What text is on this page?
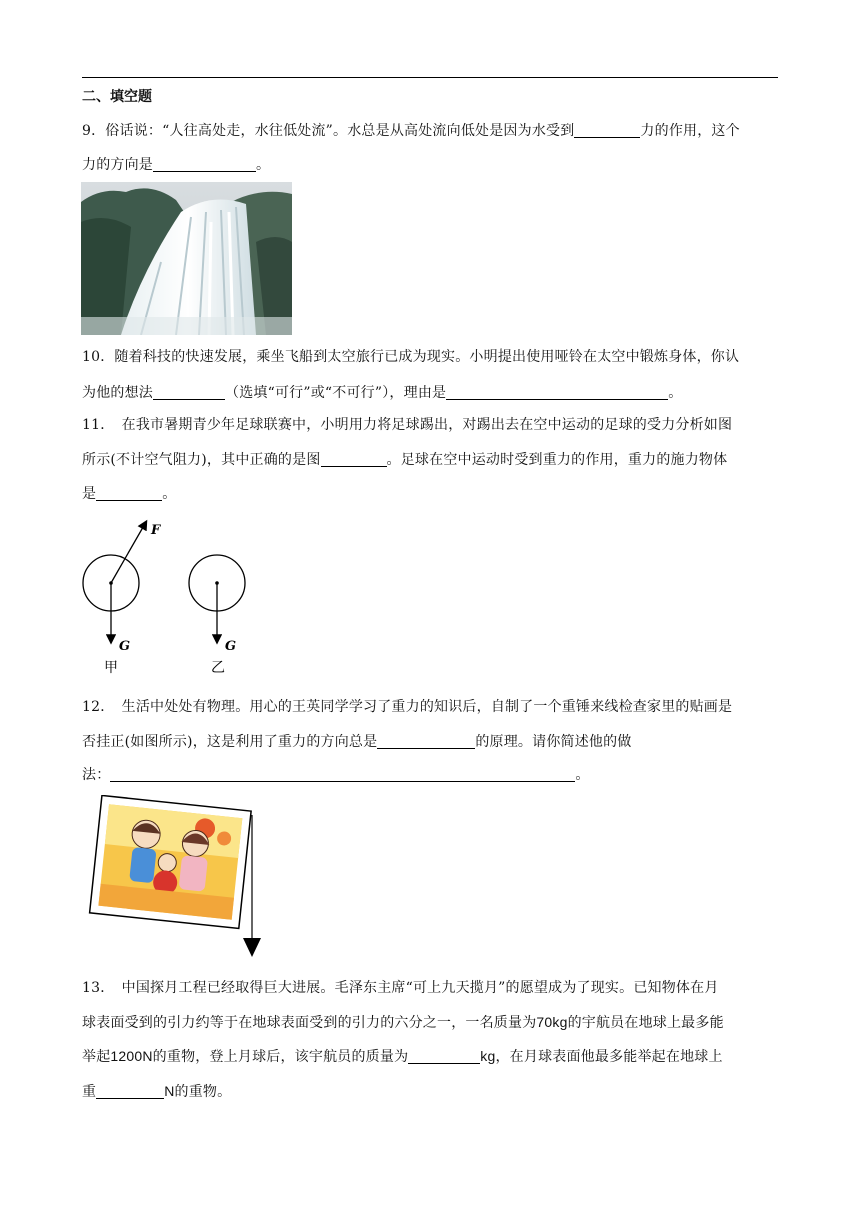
二、填空题
9．俗话说：“人往高处走，水往低处流”。水总是从高处流向低处是因为水受到	力的作用，这个
力的方向是	。
10．随着科技的快速发展，乘坐飞船到太空旅行已成为现实。小明提出使用哑铃在太空中锻炼身体，你认
为他的想法	（选填“可行”或“不可行”），理由是	。
11．　在我市暑期青少年足球联赛中，小明用力将足球踢出，对踢出去在空中运动的足球的受力分析如图
所示(不计空气阻力)，其中正确的是图	。足球在空中运动时受到重力的作用，重力的施力物体
是	。
F
G	G
甲	乙
12．　生活中处处有物理。用心的王英同学学习了重力的知识后，自制了一个重锤来线检查家里的贴画是
否挂正(如图所示)，这是利用了重力的方向总是	的原理。请你简述他的做
法：	。
13．　中国探月工程已经取得巨大进展。毛泽东主席“可上九天揽月”的愿望成为了现实。已知物体在月
球表面受到的引力约等于在地球表面受到的引力的六分之一，一名质量为70kg的宇航员在地球上最多能
举起1200N的重物，登上月球后，该宇航员的质量为	kg，在月球表面他最多能举起在地球上
重	N的重物。
